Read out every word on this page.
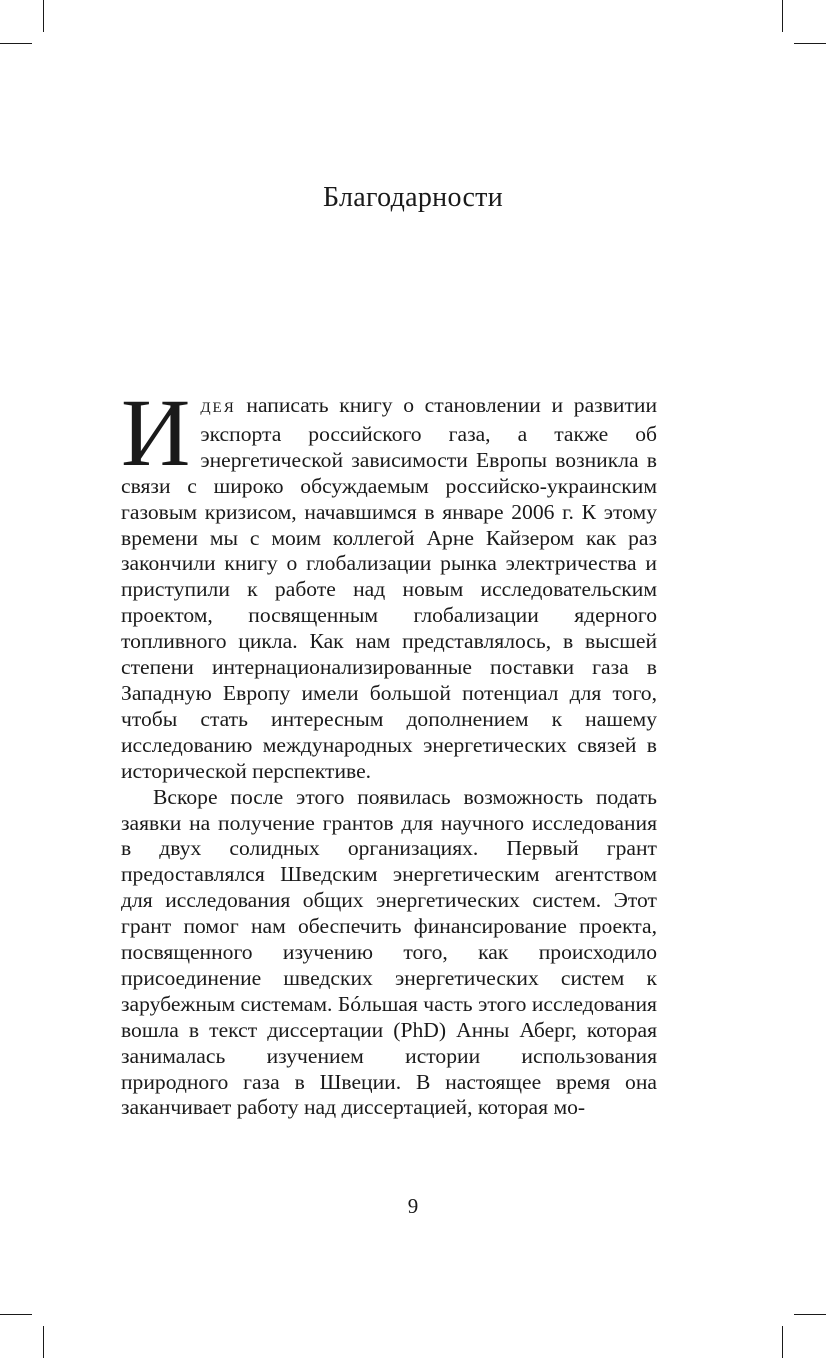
Благодарности

ИДЕЯ написать книгу о становлении и развитии экспорта российского газа, а также об энергетической зависимости Европы возникла в связи с широко обсуждаемым российско-украинским газовым кризисом, начавшимся в январе 2006 г. К этому времени мы с моим коллегой Арне Кайзером как раз закончили книгу о глобализации рынка электричества и приступили к работе над новым исследовательским проектом, посвященным глобализации ядерного топливного цикла. Как нам представлялось, в высшей степени интернационализированные поставки газа в Западную Европу имели большой потенциал для того, чтобы стать интересным дополнением к нашему исследованию международных энергетических связей в исторической перспективе.

Вскоре после этого появилась возможность подать заявки на получение грантов для научного исследования в двух солидных организациях. Первый грант предоставлялся Шведским энергетическим агентством для исследования общих энергетических систем. Этот грант помог нам обеспечить финансирование проекта, посвященного изучению того, как происходило присоединение шведских энергетических систем к зарубежным системам. Бóльшая часть этого исследования вошла в текст диссертации (PhD) Анны Аберг, которая занималась изучением истории использования природного газа в Швеции. В настоящее время она заканчивает работу над диссертацией, которая мо-

9
